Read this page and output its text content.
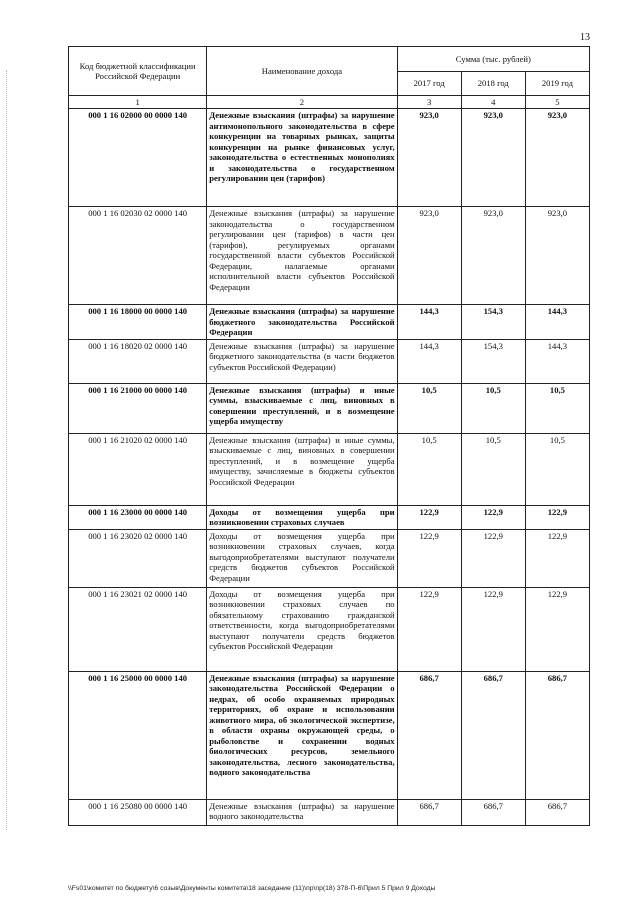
13
Код бюджетной классификации Российской Федерации	Наименование дохода	Сумма (тыс. рублей)		
		2017 год	2018 год	2019 год
1	2	3	4	5
000 1 16 02000 00 0000 140	Денежные взыскания (штрафы) за нарушение антимонопольного законодательства в сфере конкуренции на товарных рынках, защиты конкуренции на рынке финансовых услуг, законодательства о естественных монополиях и законодательства о государственном регулировании цен (тарифов)	923,0	923,0	923,0
000 1 16 02030 02 0000 140	Денежные взыскания (штрафы) за нарушение законодательства о государственном регулировании цен (тарифов) в части цен (тарифов), регулируемых органами государственной власти субъектов Российской Федерации, налагаемые органами исполнительной власти субъектов Российской Федерации	923,0	923,0	923,0
000 1 16 18000 00 0000 140	Денежные взыскания (штрафы) за нарушение бюджетного законодательства Российской Федерации	144,3	154,3	144,3
000 1 16 18020 02 0000 140	Денежные взыскания (штрафы) за нарушение бюджетного законодательства (в части бюджетов субъектов Российской Федерации)	144,3	154,3	144,3
000 1 16 21000 00 0000 140	Денежные взыскания (штрафы) и иные суммы, взыскиваемые с лиц, виновных в совершении преступлений, и в возмещение ущерба имуществу	10,5	10,5	10,5
000 1 16 21020 02 0000 140	Денежные взыскания (штрафы) и иные суммы, взыскиваемые с лиц, виновных в совершении преступлений, и в возмещение ущерба имуществу, зачисляемые в бюджеты субъектов Российской Федерации	10,5	10,5	10,5
000 1 16 23000 00 0000 140	Доходы от возмещения ущерба при возникновении страховых случаев	122,9	122,9	122,9
000 1 16 23020 02 0000 140	Доходы от возмещения ущерба при возникновении страховых случаев, когда выгодоприобретателями выступают получатели средств бюджетов субъектов Российской Федерации	122,9	122,9	122,9
000 1 16 23021 02 0000 140	Доходы от возмещения ущерба при возникновении страховых случаев по обязательному страхованию гражданской ответственности, когда выгодоприобретателями выступают получатели средств бюджетов субъектов Российской Федерации	122,9	122,9	122,9
000 1 16 25000 00 0000 140	Денежные взыскания (штрафы) за нарушение законодательства Российской Федерации о недрах, об особо охраняемых природных территориях, об охране и использовании животного мира, об экологической экспертизе, в области охраны окружающей среды, о рыболовстве и сохранении водных биологических ресурсов, земельного законодательства, лесного законодательства, водного законодательства	686,7	686,7	686,7
000 1 16 25080 00 0000 140	Денежные взыскания (штрафы) за нарушение водного законодательства	686,7	686,7	686,7
\\Fs01\комитет по бюджету\6 созыв\Документы комитета\18 заседание (11)\пр\пр(18) 378-П-6\Прил 5 Прил 9 Доходы
